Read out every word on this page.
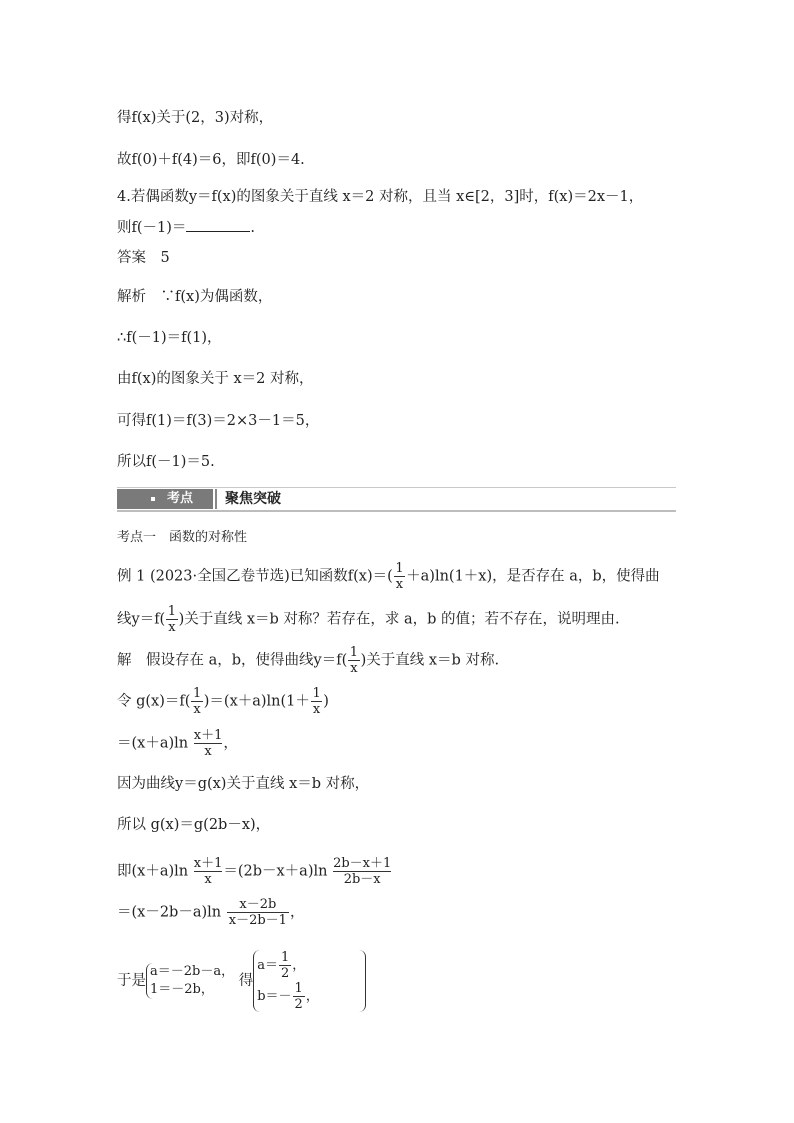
得f(x)关于(2，3)对称，
故f(0)＋f(4)＝6，即f(0)＝4.
4.若偶函数y＝f(x)的图象关于直线 x＝2 对称，且当 x∈[2，3]时，f(x)＝2x－1，
则f(－1)＝	.
答案　5
解析　∵f(x)为偶函数，
∴f(－1)＝f(1)，
由f(x)的图象关于 x＝2 对称，
可得f(1)＝f(3)＝2×3－1＝5，
所以f(－1)＝5.
考点 聚焦突破
考点一　函数的对称性
例 1 (2023·全国乙卷节选)已知函数$f(x)=( \frac{1}{x} +a)\ln(1+x)$，是否存在 a，b，使得曲
线$y=f( \frac{1}{x}$ )关于直线 x＝b 对称？若存在，求 a，b 的值；若不存在，说明理由.
解　假设存在 a，b，使得曲线$y=f( \frac{1}{x}$ )关于直线 x＝b 对称.
令 $g(x)=f( \frac{1}{x} )=(x+a)\ln(1+ \frac{1}{x}$ )
$=(x+a)\ln \frac{x+1}{x}$ ，
因为曲线y＝g(x)关于直线 x＝b 对称，
所以 g(x)＝g(2b－x)，
即$(x+a)\ln \frac{x+1}{x} =(2b-x+a)\ln \frac{2b-x+1}{2b-x}$
$=(x-2b-a)\ln \frac{x-2b}{x-2b-1}$ ，
于是
a＝－2b－a，
1＝－2b，
得
$a= \frac{1}{2}$ ，
$b=- \frac{1}{2}$ ，
